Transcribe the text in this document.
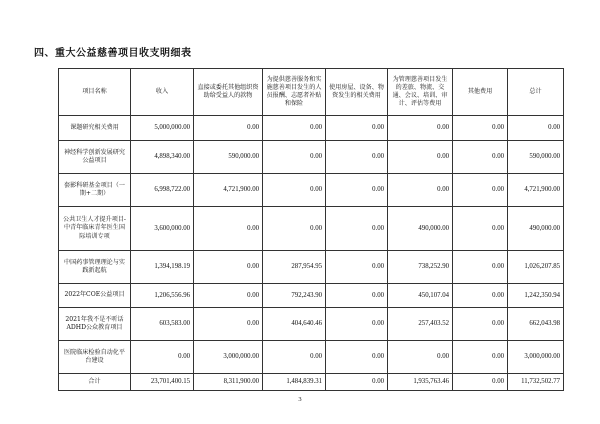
四、重大公益慈善项目收支明细表
项目名称	收入	直接或委托其他组织资助给受益人的款物	为提供慈善服务和实施慈善项目发生的人员报酬、志愿者补贴和保险	使用房屋、设备、物资发生的相关费用	为管理慈善项目发生的差旅、物流、交通、会议、培训、审计、评估等费用	其他费用	总计
课题研究相关费用	5,000,000.00	0.00	0.00	0.00	0.00	0.00	0.00
神经科学创新发展研究公益项目	4,898,340.00	590,000.00	0.00	0.00	0.00	0.00	590,000.00
套影科研基金项目（一期+二期）	6,998,722.00	4,721,900.00	0.00	0.00	0.00	0.00	4,721,900.00
公共卫生人才提升项目-中青年临床青年医生国际培训专项	3,600,000.00	0.00	0.00	0.00	490,000.00	0.00	490,000.00
中国药事管理理论与实践新起航	1,394,198.19	0.00	287,954.95	0.00	738,252.90	0.00	1,026,207.85
2022年COE公益项目	1,206,556.96	0.00	792,243.90	0.00	450,107.04	0.00	1,242,350.94
2021年我不是不听话ADHD公众教育项目	603,583.00	0.00	404,640.46	0.00	257,403.52	0.00	662,043.98
医院临床检验自动化平台建设	0.00	3,000,000.00	0.00	0.00	0.00	0.00	3,000,000.00
合计	23,701,400.15	8,311,900.00	1,484,839.31	0.00	1,935,763.46	0.00	11,732,502.77
3
